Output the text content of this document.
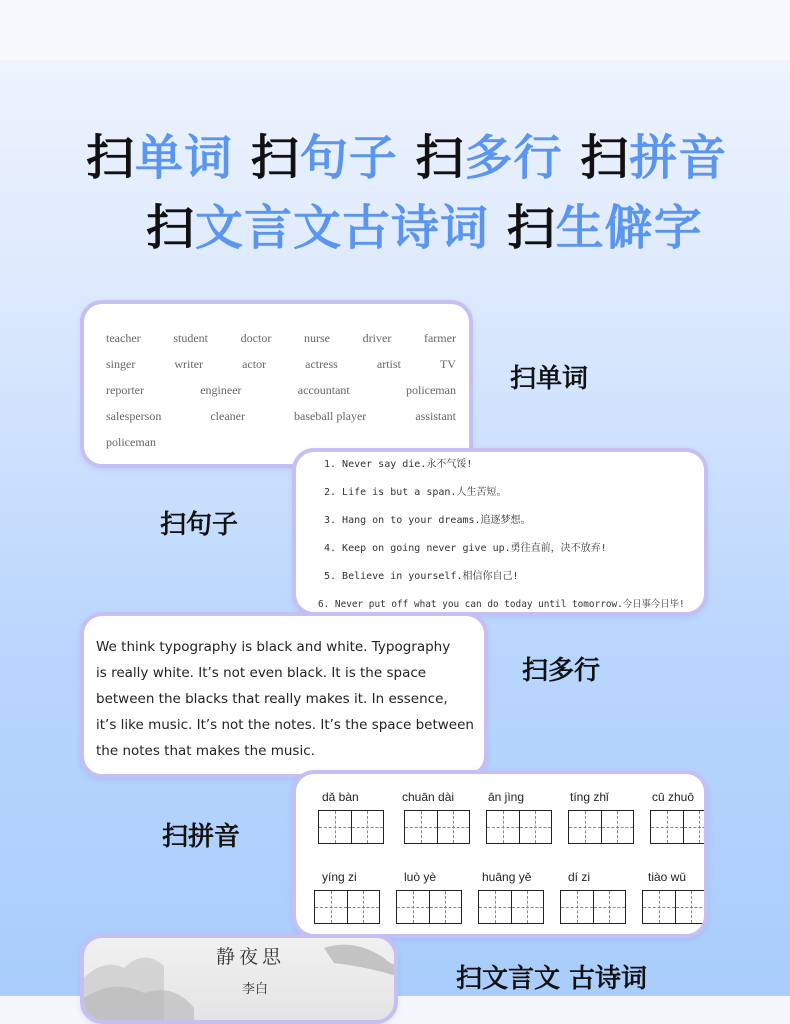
扫单词 扫句子 扫多行 扫拼音
扫文言文古诗词 扫生僻字
teacher	student	doctor	nurse	driver	farmer
singer	writer	actor	actress	artist	TV
reporter	engineer	accountant	policeman
salesperson	cleaner	baseball player	assistant
policeman
扫单词
1. Never say die.永不气馁!
2. Life is but a span.人生苦短。
3. Hang on to your dreams.追逐梦想。
4. Keep on going never give up.勇往直前，决不放弃!
5. Believe in yourself.相信你自己!
6. Never put off what you can do today until tomorrow.今日事今日毕!
扫句子
We think typography is black and white. Typography
is really white. It’s not even black. It is the space
between the blacks that really makes it. In essence,
it’s like music. It’s not the notes. It’s the space between
the notes that makes the music.
扫多行
dǎ bàn	chuān dài	ān jìng	tíng zhǐ	cū zhuō
yíng zi	luò yè	huāng yě	dí zi	tiào wǔ
扫拼音
静夜思
李白	扫文言文 古诗词
